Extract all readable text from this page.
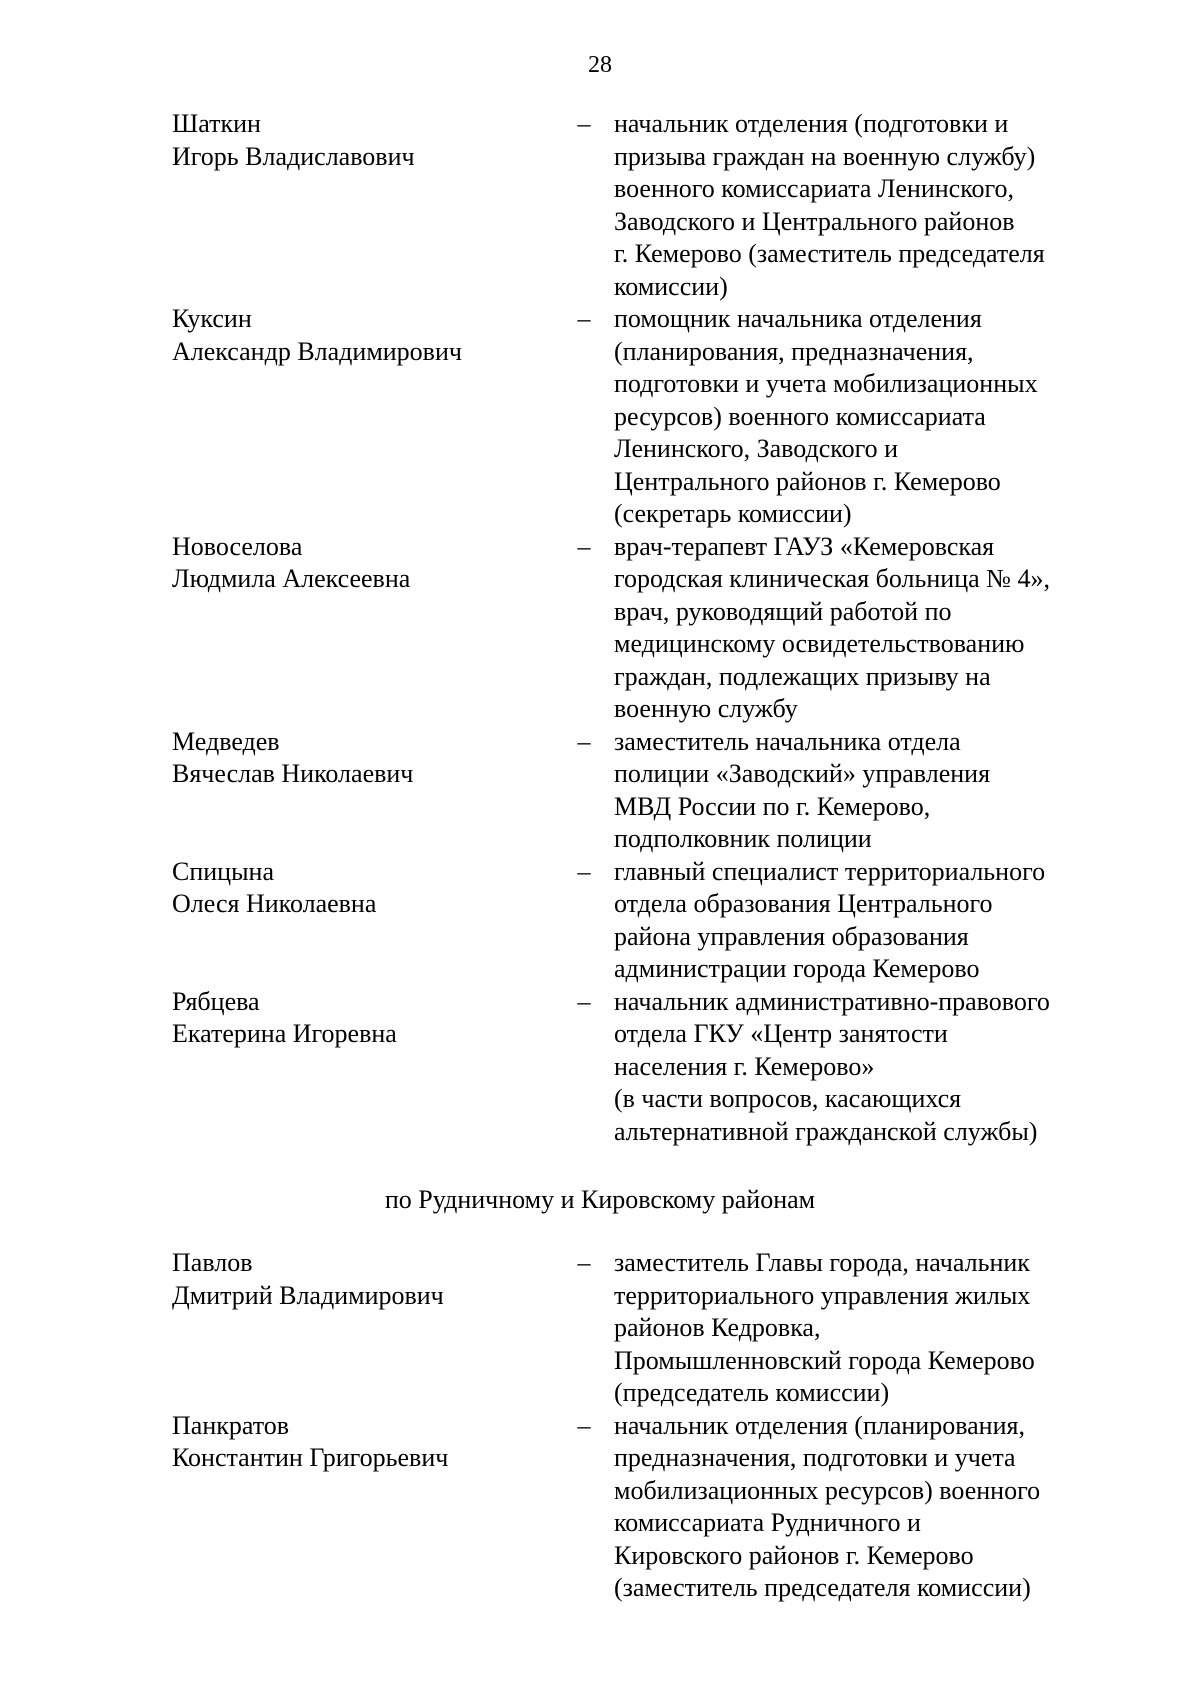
28
Шаткин
Игорь Владиславович
– начальник отделения (подготовки и
призыва граждан на военную службу)
военного комиссариата Ленинского,
Заводского и Центрального районов
г. Кемерово (заместитель председателя
комиссии)
Куксин
Александр Владимирович
– помощник начальника отделения
(планирования, предназначения,
подготовки и учета мобилизационных
ресурсов) военного комиссариата
Ленинского, Заводского и
Центрального районов г. Кемерово
(секретарь комиссии)
Новоселова
Людмила Алексеевна
– врач-терапевт ГАУЗ «Кемеровская
городская клиническая больница № 4»,
врач, руководящий работой по
медицинскому освидетельствованию
граждан, подлежащих призыву на
военную службу
Медведев
Вячеслав Николаевич
– заместитель начальника отдела
полиции «Заводский» управления
МВД России по г. Кемерово,
подполковник полиции
Спицына
Олеся Николаевна
– главный специалист территориального
отдела образования Центрального
района управления образования
администрации города Кемерово
Рябцева
Екатерина Игоревна
– начальник административно-правового
отдела ГКУ «Центр занятости
населения г. Кемерово»
(в части вопросов, касающихся
альтернативной гражданской службы)
по Рудничному и Кировскому районам
Павлов
Дмитрий Владимирович
– заместитель Главы города, начальник
территориального управления жилых
районов Кедровка,
Промышленновский города Кемерово
(председатель комиссии)
Панкратов
Константин Григорьевич
– начальник отделения (планирования,
предназначения, подготовки и учета
мобилизационных ресурсов) военного
комиссариата Рудничного и
Кировского районов г. Кемерово
(заместитель председателя комиссии)
